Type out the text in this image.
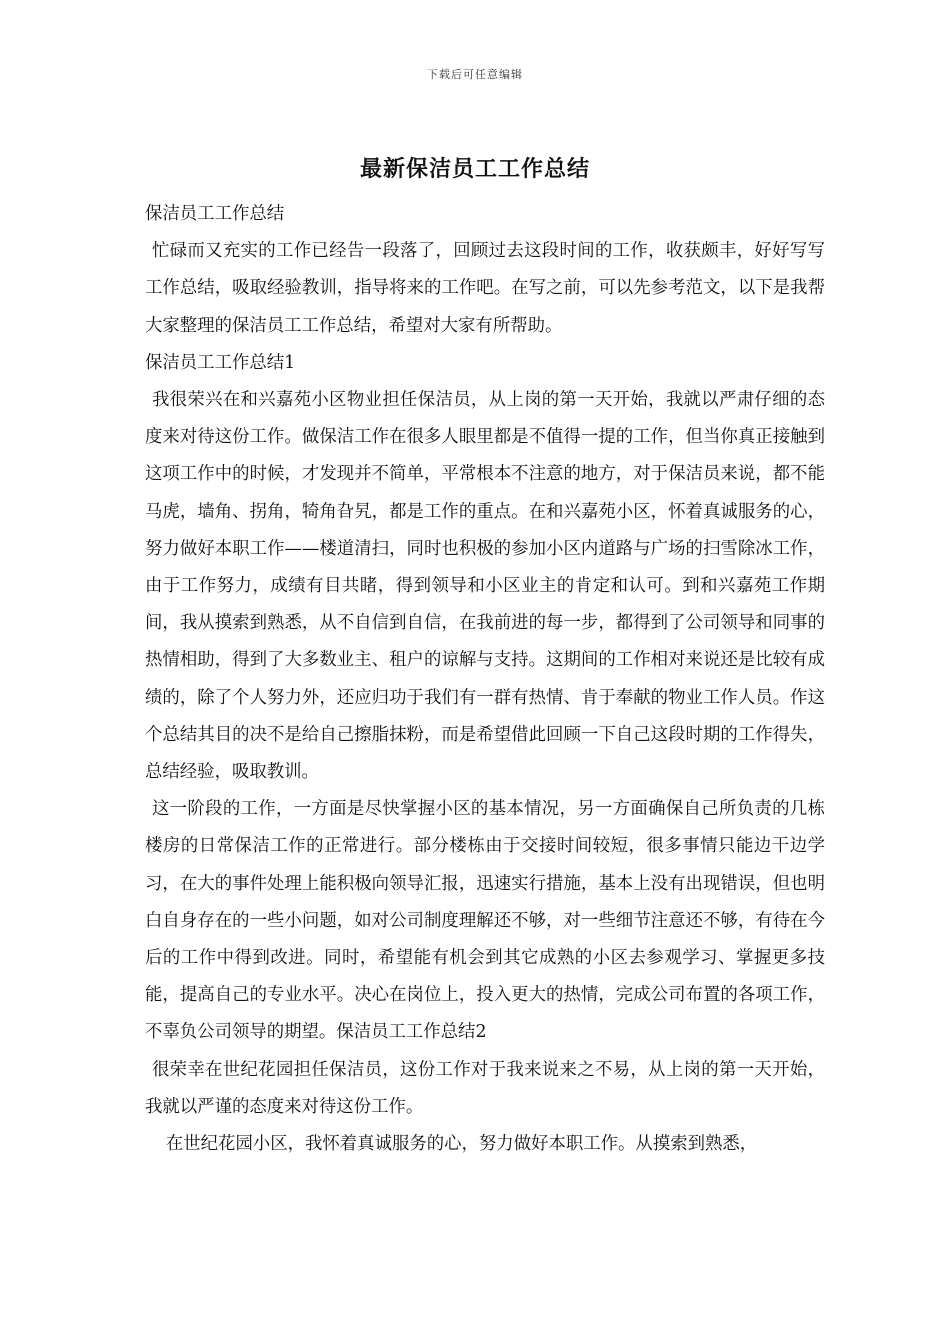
下载后可任意编辑
最新保洁员工工作总结

保洁员工工作总结

忙碌而又充实的工作已经告一段落了，回顾过去这段时间的工作，收获颇丰，好好写写工作总结，吸取经验教训，指导将来的工作吧。在写之前，可以先参考范文，以下是我帮大家整理的保洁员工工作总结，希望对大家有所帮助。

保洁员工工作总结1

我很荣兴在和兴嘉苑小区物业担任保洁员，从上岗的第一天开始，我就以严肃仔细的态度来对待这份工作。做保洁工作在很多人眼里都是不值得一提的工作，但当你真正接触到这项工作中的时候，才发现并不简单，平常根本不注意的地方，对于保洁员来说，都不能马虎，墙角、拐角，犄角旮旯，都是工作的重点。在和兴嘉苑小区，怀着真诚服务的心，努力做好本职工作——楼道清扫，同时也积极的参加小区内道路与广场的扫雪除冰工作，由于工作努力，成绩有目共睹，得到领导和小区业主的肯定和认可。到和兴嘉苑工作期间，我从摸索到熟悉，从不自信到自信，在我前进的每一步，都得到了公司领导和同事的热情相助，得到了大多数业主、租户的谅解与支持。这期间的工作相对来说还是比较有成绩的，除了个人努力外，还应归功于我们有一群有热情、肯于奉献的物业工作人员。作这个总结其目的决不是给自己擦脂抹粉，而是希望借此回顾一下自己这段时期的工作得失，总结经验，吸取教训。

这一阶段的工作，一方面是尽快掌握小区的基本情况，另一方面确保自己所负责的几栋楼房的日常保洁工作的正常进行。部分楼栋由于交接时间较短，很多事情只能边干边学习，在大的事件处理上能积极向领导汇报，迅速实行措施，基本上没有出现错误，但也明白自身存在的一些小问题，如对公司制度理解还不够，对一些细节注意还不够，有待在今后的工作中得到改进。同时，希望能有机会到其它成熟的小区去参观学习、掌握更多技能，提高自己的专业水平。决心在岗位上，投入更大的热情，完成公司布置的各项工作，不辜负公司领导的期望。保洁员工工作总结2

很荣幸在世纪花园担任保洁员，这份工作对于我来说来之不易，从上岗的第一天开始，我就以严谨的态度来对待这份工作。

在世纪花园小区，我怀着真诚服务的心，努力做好本职工作。从摸索到熟悉，
